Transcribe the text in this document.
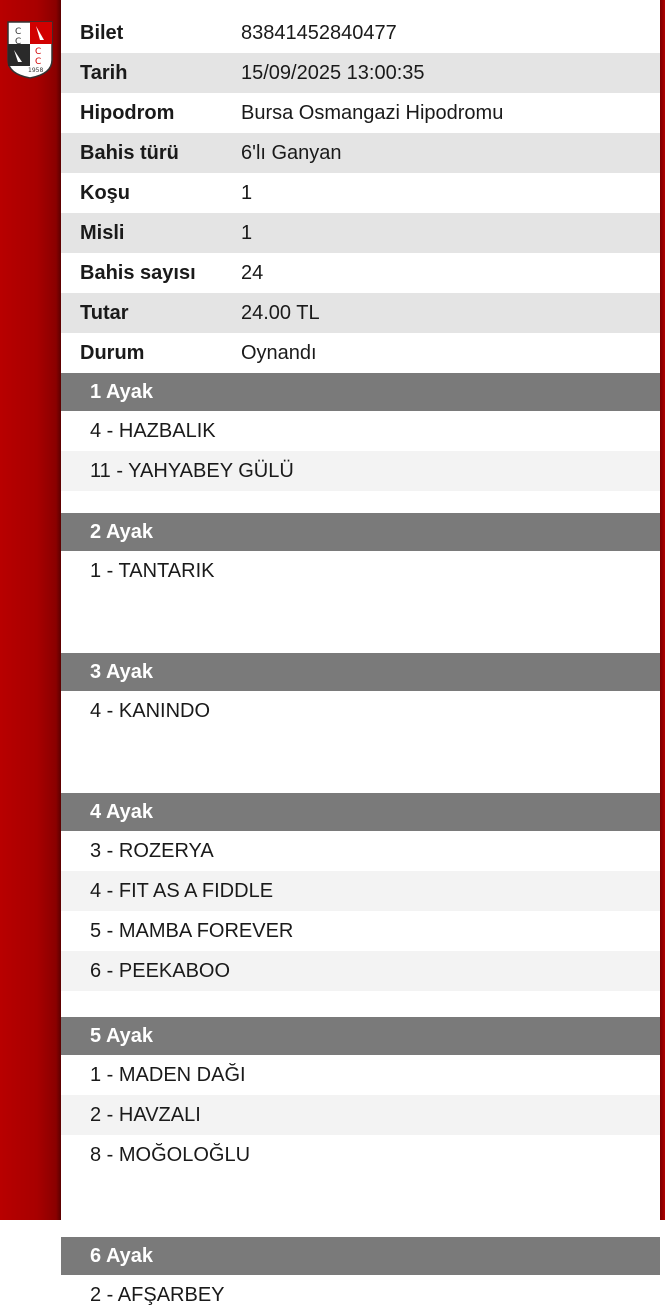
C
C
C
C
1958
Bilet	83841452840477
Tarih	15/09/2025 13:00:35
Hipodrom	Bursa Osmangazi Hipodromu
Bahis türü	6'lı Ganyan
Koşu	1
Misli	1
Bahis sayısı	24
Tutar	24.00 TL
Durum	Oynandı
1 Ayak
4 - HAZBALIK
11 - YAHYABEY GÜLÜ
2 Ayak
1 - TANTARIK
3 Ayak
4 - KANINDO
4 Ayak
3 - ROZERYA
4 - FIT AS A FIDDLE
5 - MAMBA FOREVER
6 - PEEKABOO
5 Ayak
1 - MADEN DAĞI
2 - HAVZALI
8 - MOĞOLOĞLU
6 Ayak
2 - AFŞARBEY
